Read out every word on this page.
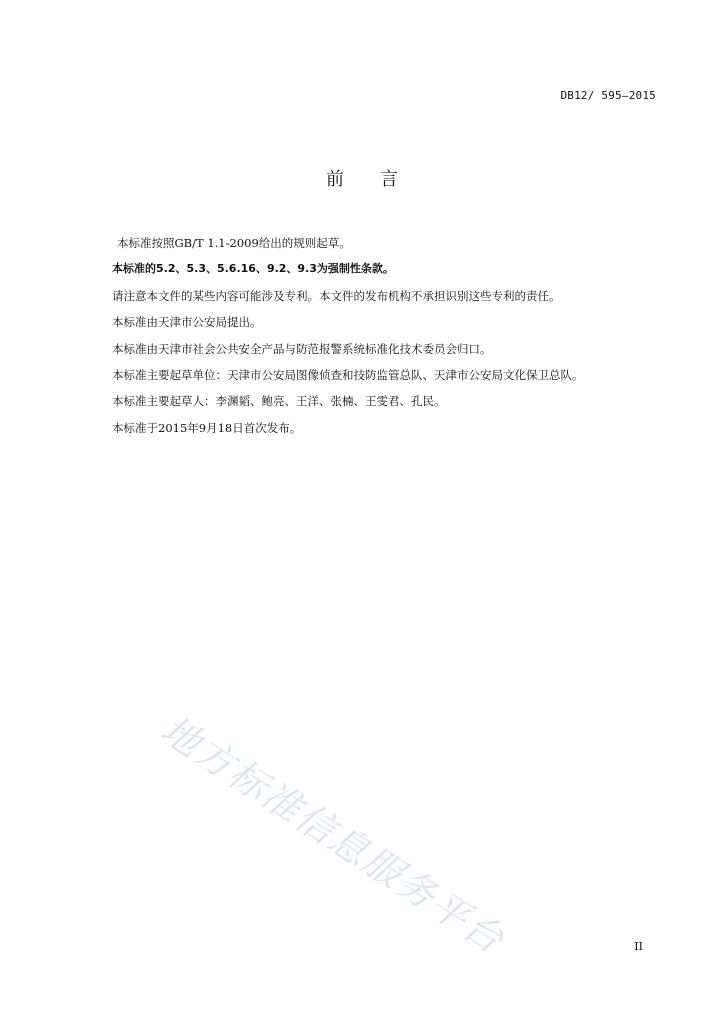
DB12/ 595—2015
前言
本标准按照GB/T 1.1-2009给出的规则起草。
本标准的5.2、5.3、5.6.16、9.2、9.3为强制性条款。
请注意本文件的某些内容可能涉及专利。本文件的发布机构不承担识别这些专利的责任。
本标准由天津市公安局提出。
本标准由天津市社会公共安全产品与防范报警系统标准化技术委员会归口。
本标准主要起草单位：天津市公安局图像侦查和技防监管总队、天津市公安局文化保卫总队。
本标准主要起草人：李渊韬、鲍亮、王洋、张楠、王雯君、孔民。
本标准于2015年9月18日首次发布。
地方标准信息服务平台	II
